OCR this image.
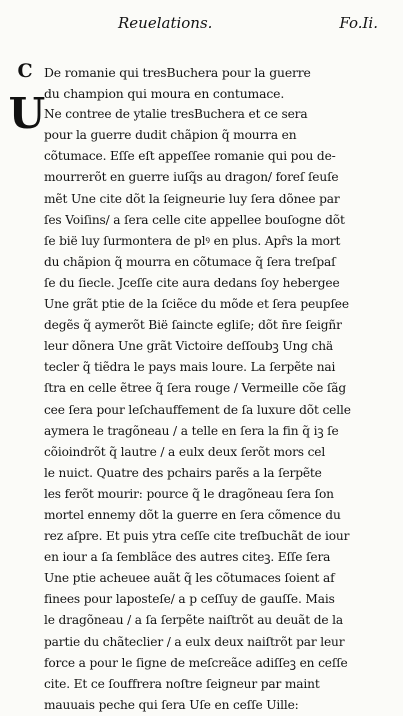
Reuelations.	Fo.Ii.
C
U
De romanie qui tresBuchera pour la guerre
du champion qui moura en contumace.
Ne contree de ytalie tresBuchera et ce sera
pour la guerre dudit chãpion q̃ mourra en
cõtumace. Eſſe eſt appeſſee romanie qui pou de-
mourrerõt en guerre iuſq̃s au dragon/ foreſ ſeuſe
mẽt Une cite dõt la ſeigneurie luy ſera dõnee par
ſes Voiſins/ a ſera celle cite appellee bouſogne dõt
ſe bië luy ſurmontera de plꝰ en plus. Apȓs la mort
du chãpion q̃ mourra en cõtumace q̃ ſera treſpaſ
ſe du ſiecle. Jceſſe cite aura dedans ſoy hebergee
Une grãt ptie de la ſciẽce du mõde et ſera peupſee
degẽs q̃ aymerõt Bië ſaincte egliſe; dõt n̄re ſeigñr
leur dõnera Une grãt Victoire deſſoubꝫ Ung chä
tecler q̃ tiẽdra le pays mais loure. La ſerpẽte nai
ſtra en celle ẽtree q̃ ſera rouge / Vermeille cõe ſãg
cee ſera pour leſchauffement de ſa luxure dõt celle
aymera le tragõneau / a telle en ſera la fin q̃ iꝫ ſe
cõioindrõt q̃ lautre / a eulx deux ſerõt mors cel
le nuict. Quatre des pchairs parẽs a la ſerpẽte
les ferõt mourir: pource q̃ le dragõneau ſera ſon
mortel ennemy dõt la guerre en ſera cõmence du
rez aſpre. Et puis ytra ceſſe cite treſbuchãt de iour
en iour a ſa ſemblãce des autres citeꝫ. Eſſe ſera
Une ptie acheuee auãt q̃ les cõtumaces ſoient af
finees pour laposteſe/ a p ceſſuy de gauſſe. Mais
le dragõneau / a ſa ſerpẽte naiſtrõt au deuãt de la
partie du chãteclier / a eulx deux naiſtrõt par leur
force a pour le ſigne de meſcreãce adiſſeꝫ en ceſſe
cite. Et ce ſouffrera noſtre ſeigneur par maint
mauuais peche qui ſera Uſe en ceſſe Uille:
